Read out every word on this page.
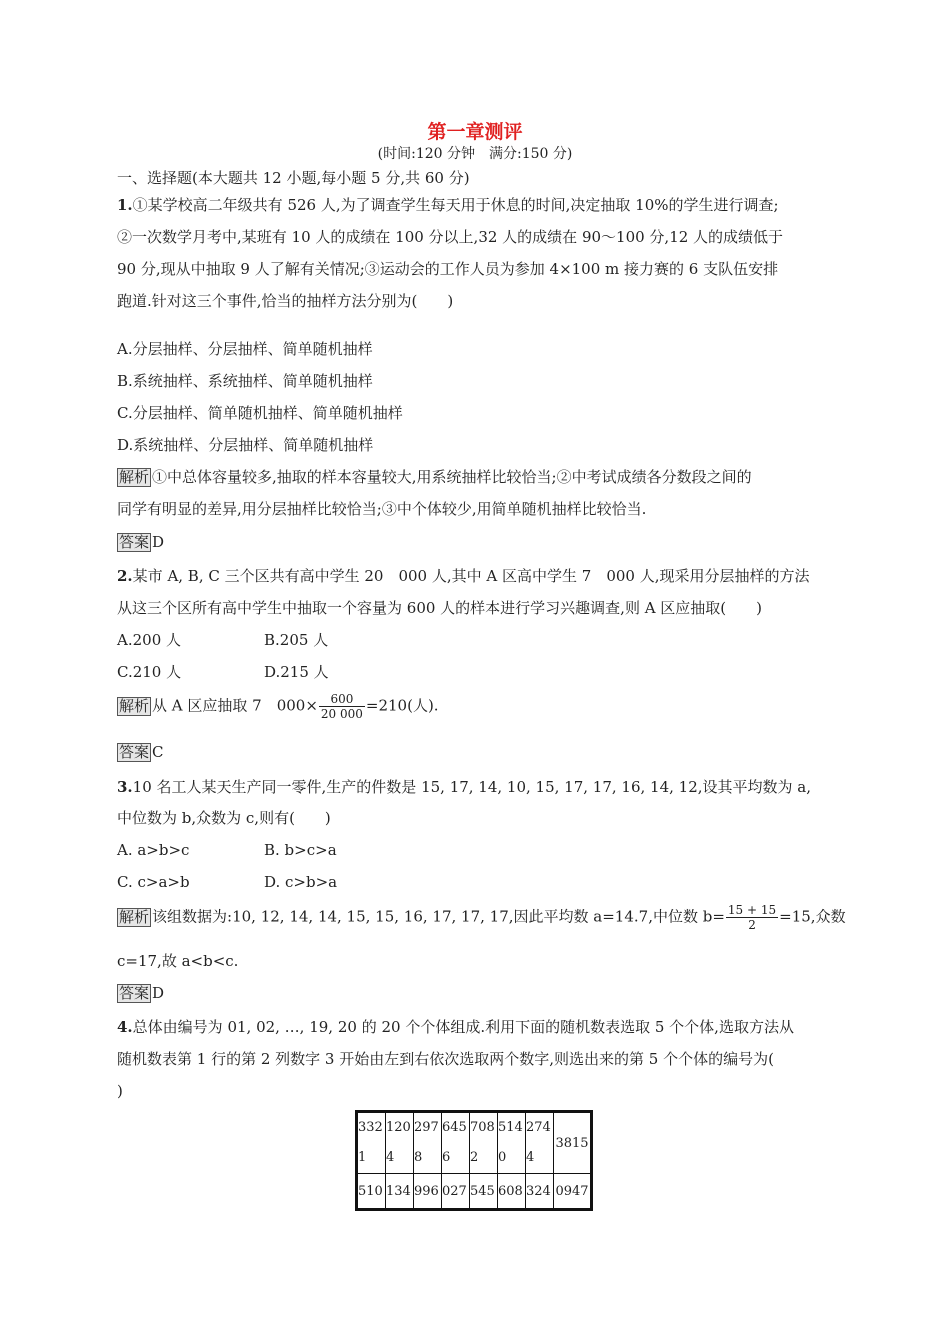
第一章测评
(时间:120 分钟　满分:150 分)
一、选择题(本大题共 12 小题,每小题 5 分,共 60 分)
1.①某学校高二年级共有 526 人,为了调查学生每天用于休息的时间,决定抽取 10%的学生进行调查;
②一次数学月考中,某班有 10 人的成绩在 100 分以上,32 人的成绩在 90～100 分,12 人的成绩低于
90 分,现从中抽取 9 人了解有关情况;③运动会的工作人员为参加 4×100 m 接力赛的 6 支队伍安排
跑道.针对这三个事件,恰当的抽样方法分别为(　　)
A.分层抽样、分层抽样、简单随机抽样
B.系统抽样、系统抽样、简单随机抽样
C.分层抽样、简单随机抽样、简单随机抽样
D.系统抽样、分层抽样、简单随机抽样
解析 ①中总体容量较多,抽取的样本容量较大,用系统抽样比较恰当;②中考试成绩各分数段之间的
同学有明显的差异,用分层抽样比较恰当;③中个体较少,用简单随机抽样比较恰当.
答案 D
2.某市 A, B, C 三个区共有高中学生 20　000 人,其中 A 区高中学生 7　000 人,现采用分层抽样的方法
从这三个区所有高中学生中抽取一个容量为 600 人的样本进行学习兴趣调查,则 A 区应抽取(　　)
A.200 人	B.205 人
C.210 人	D.215 人
解析 从 A 区应抽取 7　$000\times \frac{600}{20 000} =210$(人).
答案 C
3.10 名工人某天生产同一零件,生产的件数是 15, 17, 14, 10, 15, 17, 17, 16, 14, 12,设其平均数为 a,
中位数为 b,众数为 c,则有(　　)
A. a>b>c	B. b>c>a
C. c>a>b	D. c>b>a
解析 该组数据为:10, 12, 14, 14, 15, 15, 16, 17, 17, 17,因此平均数 a=14.7,中位数 $b= \frac{15 + 15}{2} =15$,众数
c=17,故 a<b<c.
答案 D
4.总体由编号为 01, 02, …, 19, 20 的 20 个个体组成.利用下面的随机数表选取 5 个个体,选取方法从
随机数表第 1 行的第 2 列数字 3 开始由左到右依次选取两个数字,则选出来的第 5 个个体的编号为(
)
3321	1204	2978	6456	7082	5140	2744	3815
510	134	996	027	545	608	324	0947
